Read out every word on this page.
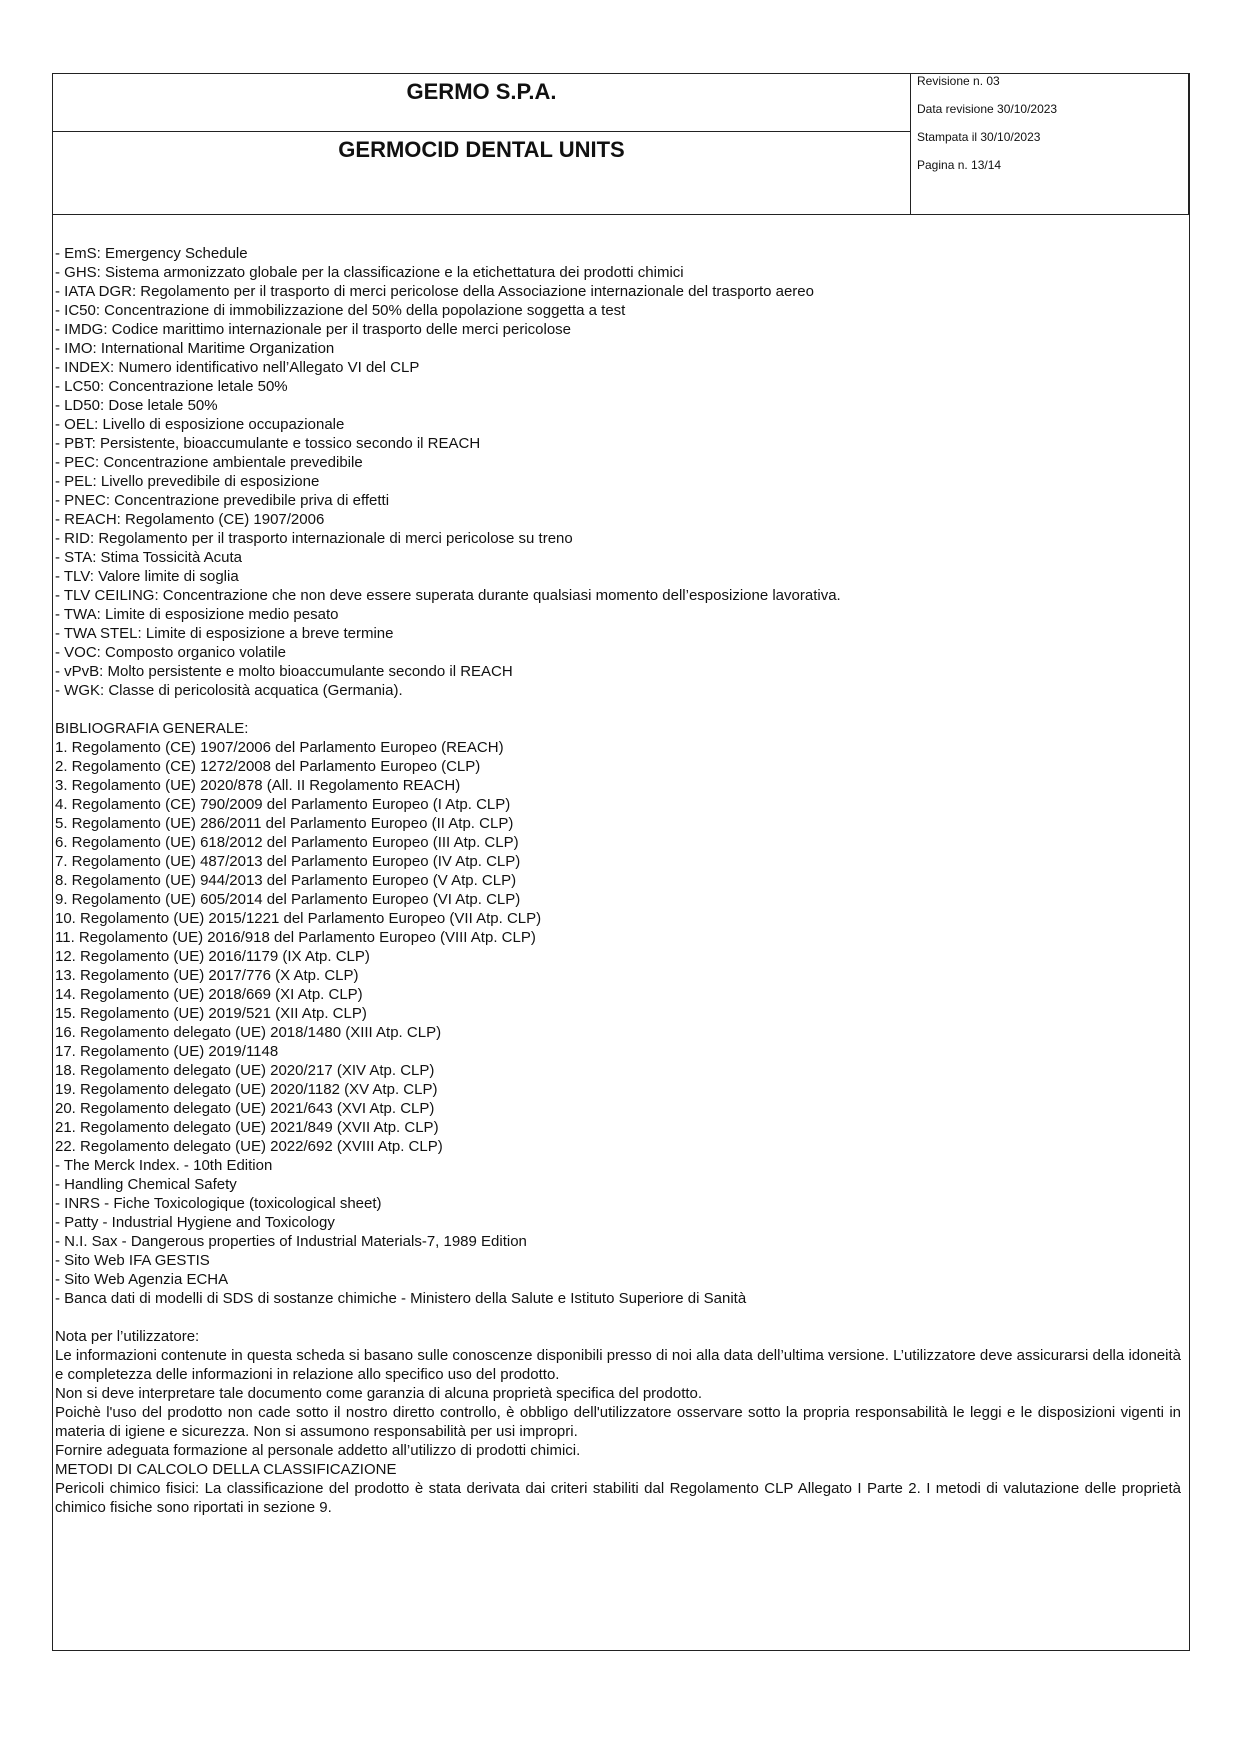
GERMO S.P.A.
GERMOCID DENTAL UNITS
Revisione n. 03
Data revisione 30/10/2023
Stampata il 30/10/2023
Pagina n. 13/14
- EmS: Emergency Schedule
- GHS: Sistema armonizzato globale per la classificazione e la etichettatura dei prodotti chimici
- IATA DGR: Regolamento per il trasporto di merci pericolose della Associazione internazionale del trasporto aereo
- IC50: Concentrazione di immobilizzazione del 50% della popolazione soggetta a test
- IMDG: Codice marittimo internazionale per il trasporto delle merci pericolose
- IMO: International Maritime Organization
- INDEX: Numero identificativo nell’Allegato VI del CLP
- LC50: Concentrazione letale 50%
- LD50: Dose letale 50%
- OEL: Livello di esposizione occupazionale
- PBT: Persistente, bioaccumulante e tossico secondo il REACH
- PEC: Concentrazione ambientale prevedibile
- PEL: Livello prevedibile di esposizione
- PNEC: Concentrazione prevedibile priva di effetti
- REACH: Regolamento (CE) 1907/2006
- RID: Regolamento per il trasporto internazionale di merci pericolose su treno
- STA: Stima Tossicità Acuta
- TLV: Valore limite di soglia
- TLV CEILING: Concentrazione che non deve essere superata durante qualsiasi momento dell’esposizione lavorativa.
- TWA: Limite di esposizione medio pesato
- TWA STEL: Limite di esposizione a breve termine
- VOC: Composto organico volatile
- vPvB: Molto persistente e molto bioaccumulante secondo il REACH
- WGK: Classe di pericolosità acquatica (Germania).
BIBLIOGRAFIA GENERALE:
1. Regolamento (CE) 1907/2006 del Parlamento Europeo (REACH)
2. Regolamento (CE) 1272/2008 del Parlamento Europeo (CLP)
3. Regolamento (UE) 2020/878 (All. II Regolamento REACH)
4. Regolamento (CE) 790/2009 del Parlamento Europeo (I Atp. CLP)
5. Regolamento (UE) 286/2011 del Parlamento Europeo (II Atp. CLP)
6. Regolamento (UE) 618/2012 del Parlamento Europeo (III Atp. CLP)
7. Regolamento (UE) 487/2013 del Parlamento Europeo (IV Atp. CLP)
8. Regolamento (UE) 944/2013 del Parlamento Europeo (V Atp. CLP)
9. Regolamento (UE) 605/2014 del Parlamento Europeo (VI Atp. CLP)
10. Regolamento (UE) 2015/1221 del Parlamento Europeo (VII Atp. CLP)
11. Regolamento (UE) 2016/918 del Parlamento Europeo (VIII Atp. CLP)
12. Regolamento (UE) 2016/1179 (IX Atp. CLP)
13. Regolamento (UE) 2017/776 (X Atp. CLP)
14. Regolamento (UE) 2018/669 (XI Atp. CLP)
15. Regolamento (UE) 2019/521 (XII Atp. CLP)
16. Regolamento delegato (UE) 2018/1480 (XIII Atp. CLP)
17. Regolamento (UE) 2019/1148
18. Regolamento delegato (UE) 2020/217 (XIV Atp. CLP)
19. Regolamento delegato (UE) 2020/1182 (XV Atp. CLP)
20. Regolamento delegato (UE) 2021/643 (XVI Atp. CLP)
21. Regolamento delegato (UE) 2021/849 (XVII Atp. CLP)
22. Regolamento delegato (UE) 2022/692 (XVIII Atp. CLP)
- The Merck Index. - 10th Edition
- Handling Chemical Safety
- INRS - Fiche Toxicologique (toxicological sheet)
- Patty - Industrial Hygiene and Toxicology
- N.I. Sax - Dangerous properties of Industrial Materials-7, 1989 Edition
- Sito Web IFA GESTIS
- Sito Web Agenzia ECHA
- Banca dati di modelli di SDS di sostanze chimiche - Ministero della Salute e Istituto Superiore di Sanità
Nota per l’utilizzatore:
Le informazioni contenute in questa scheda si basano sulle conoscenze disponibili presso di noi alla data dell’ultima versione. L’utilizzatore deve assicurarsi della idoneità e completezza delle informazioni in relazione allo specifico uso del prodotto.
Non si deve interpretare tale documento come garanzia di alcuna proprietà specifica del prodotto.
Poichè l'uso del prodotto non cade sotto il nostro diretto controllo, è obbligo dell'utilizzatore osservare sotto la propria responsabilità le leggi e le disposizioni vigenti in materia di igiene e sicurezza. Non si assumono responsabilità per usi impropri.
Fornire adeguata formazione al personale addetto all’utilizzo di prodotti chimici.
METODI DI CALCOLO DELLA CLASSIFICAZIONE
Pericoli chimico fisici: La classificazione del prodotto è stata derivata dai criteri stabiliti dal Regolamento CLP Allegato I Parte 2. I metodi di valutazione delle proprietà chimico fisiche sono riportati in sezione 9.
